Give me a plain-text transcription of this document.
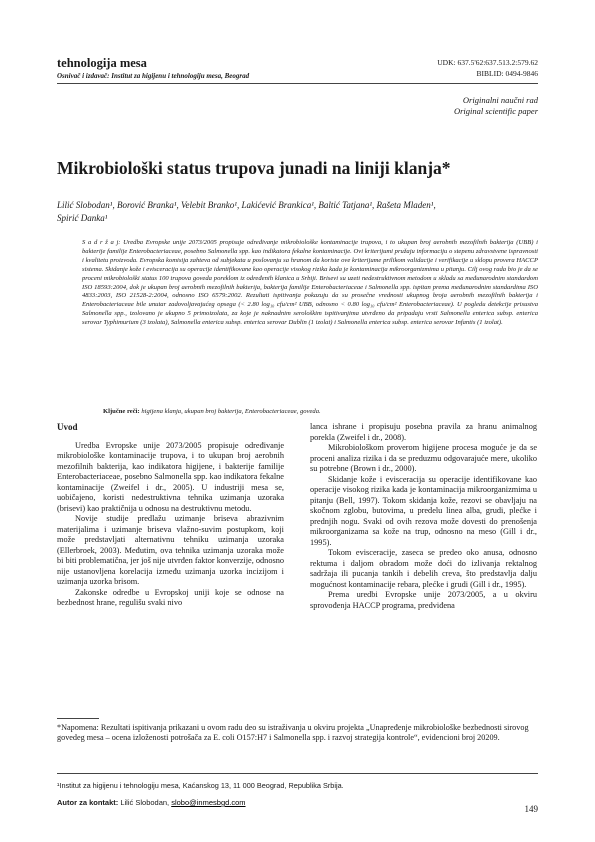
tehnologija mesa
Osnivač i izdavač: Institut za higijenu i tehnologiju mesa, Beograd
UDK: 637.5'62:637.513.2:579.62
BIBLID: 0494-9846
Originalni naučni rad
Original scientific paper
Mikrobiološki status trupova junadi na liniji klanja*
Lilić Slobodan¹, Borović Branka¹, Velebit Branko¹, Lakićević Brankica¹, Baltić Tatjana¹, Rašeta Mladen¹,
Spirić Danka¹
S a d r ž a j: Uredba Evropske unije 2073/2005 propisuje određivanje mikrobiološke kontaminacije trupova, i to ukupan broj aerobnih mezofilnih bakterija (UBB) i bakterije familije Enterobacteriaceae, posebno Salmonella spp. kao indikatora fekalne kontaminacije. Ovi kriterijumi pružaju informaciju o stepenu zdravstvene ispravnosti i kvalitetu proizvoda. Evropska komisija zahteva od subjekata u poslovanju sa hranom da koriste ove kriterijume prilikom validacije i verifikacije u sklopu provera HACCP sistema. Skidanje kože i evisceracija su operacije identifikovane kao operacije visokog rizika kada je kontaminacija mikroorganizmima u pitanju. Cilj ovog rada bio je da se proceni mikrobiološki status 100 trupova goveda poreklom iz određenih klanica u Srbiji. Brisevi su uzeti nedestruktivnom metodom u skladu sa međunarodnim standardom ISO 18593:2004, dok je ukupan broj aerobnih mezofilnih bakterija, bakterija familije Enterobacteriaceae i Salmonella spp. ispitan prema međunarodnim standardima ISO 4833:2003, ISO 21528-2:2004, odnosno ISO 6579:2002. Rezultati ispitivanja pokazuju da su prosečne vrednosti ukupnog broja aerobnih mezofilnih bakterija i Enterobacteriaceae bile unutar zadovoljavajućeg opsega (< 2.80 log₁₀ cfu/cm² UBB, odnosno < 0.80 log₁₀ cfu/cm² Enterobacteriaceae). U pogledu detekcije prisustva Salmonella spp., izolovano je ukupno 5 primoizolata, za koje je naknadnim serološkim ispitivanjima utvrđeno da pripadaju vrsti Salmonella enterica subsp. enterica serovar Typhimurium (3 izolata), Salmonella enterica subsp. enterica serovar Dublin (1 izolat) i Salmonella enterica subsp. enterica serovar Infantis (1 izolat).
Ključne reči: higijena klanja, ukupan broj bakterija, Enterobacteriaceae, goveda.
Uvod

Uredba Evropske unije 2073/2005 propisuje određivanje mikrobiološke kontaminacije trupova, i to ukupan broj aerobnih mezofilnih bakterija, kao indikatora higijene, i bakterije familije Enterobacteriaceae, posebno Salmonella spp. kao indikatora fekalne kontaminacije (Zweifel i dr., 2005). U industriji mesa se, uobičajeno, koristi nedestruktivna tehnika uzimanja uzoraka (brisevi) kao praktičnija u odnosu na destruktivnu metodu.

Novije studije predlažu uzimanje briseva abrazivnim materijalima i uzimanje briseva vlažno-suvim postupkom, koji može predstavljati alternativnu tehniku uzimanja uzoraka (Ellerbroek, 2003). Međutim, ova tehnika uzimanja uzoraka može bi biti problematična, jer još nije utvrđen faktor konverzije, odnosno nije ustanovljena korelacija između uzimanja uzorka incizijom i uzimanja uzorka brisom.

Zakonske odredbe u Evropskoj uniji koje se odnose na bezbednost hrane, regulišu svaki nivo

lanca ishrane i propisuju posebna pravila za hranu animalnog porekla (Zweifel i dr., 2008).

Mikrobiološkom proverom higijene procesa moguće je da se proceni analiza rizika i da se preduzmu odgovarajuće mere, ukoliko su potrebne (Brown i dr., 2000).

Skidanje kože i evisceracija su operacije identifikovane kao operacije visokog rizika kada je kontaminacija mikroorganizmima u pitanju (Bell, 1997). Tokom skidanja kože, rezovi se obavljaju na skočnom zglobu, butovima, u predelu linea alba, grudi, plećke i prednjih nogu. Svaki od ovih rezova može dovesti do prenošenja mikroorganizama sa kože na trup, odnosno na meso (Gill i dr., 1995).

Tokom evisceracije, zaseca se predeo oko anusa, odnosno rektuma i daljom obradom može doći do izlivanja rektalnog sadržaja ili pucanja tankih i debelih creva, što predstavlja dalju mogućnost kontaminacije rebara, plećke i grudi (Gill i dr., 1995).

Prema uredbi Evropske unije 2073/2005, a u okviru sprovođenja HACCP programa, predviđena

*Napomena: Rezultati ispitivanja prikazani u ovom radu deo su istraživanja u okviru projekta „Unapređenje mikrobiološke bezbednosti sirovog govedeg mesa – ocena izloženosti potrošača za E. coli O157:H7 i Salmonella spp. i razvoj strategija kontrole“, evidencioni broj 20209.
¹Institut za higijenu i tehnologiju mesa, Kaćanskog 13, 11 000 Beograd, Republika Srbija.
Autor za kontakt: Lilić Slobodan, slobo@inmesbgd.com
149
